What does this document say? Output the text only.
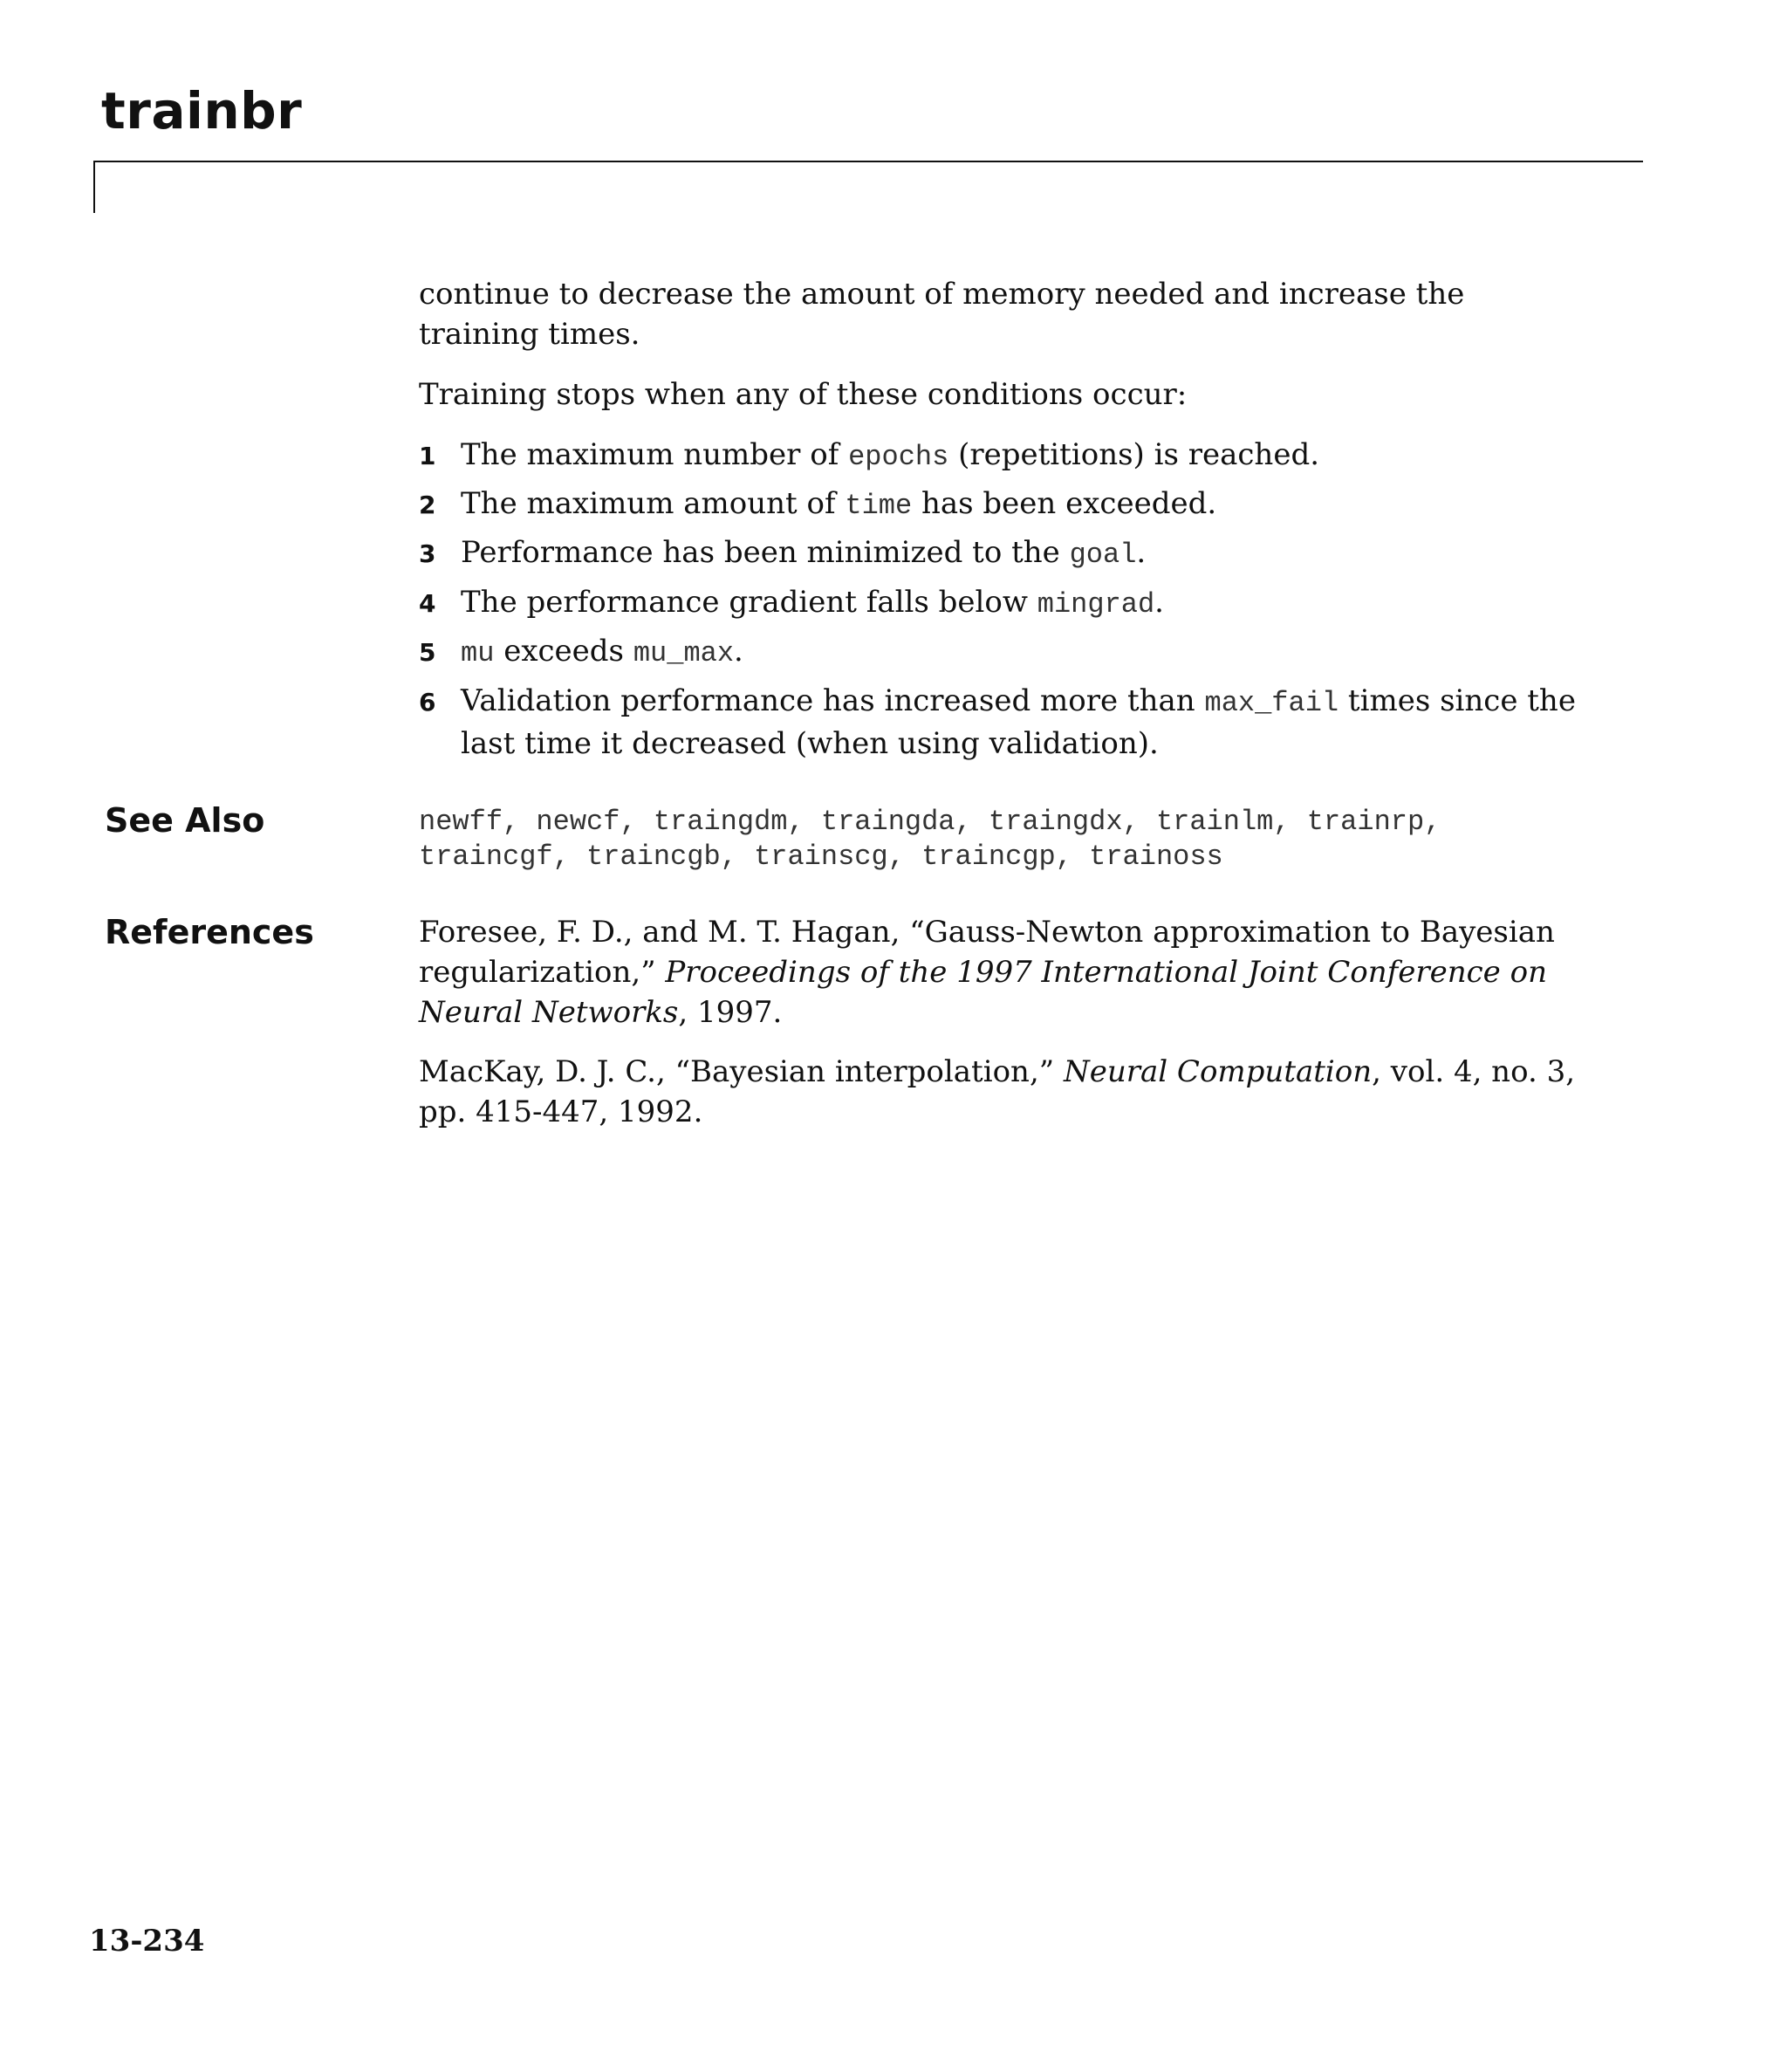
trainbr

continue to decrease the amount of memory needed and increase the training times.

Training stops when any of these conditions occur:

1 The maximum number of epochs (repetitions) is reached.
2 The maximum amount of time has been exceeded.
3 Performance has been minimized to the goal.
4 The performance gradient falls below mingrad.
5 mu exceeds mu_max.
6 Validation performance has increased more than max_fail times since the last time it decreased (when using validation).
See Also	newff, newcf, traingdm, traingda, traingdx, trainlm, trainrp,
traincgf, traincgb, trainscg, traincgp, trainoss
References	Foresee, F. D., and M. T. Hagan, “Gauss-Newton approximation to Bayesian regularization,” Proceedings of the 1997 International Joint Conference on Neural Networks, 1997.
MacKay, D. J. C., “Bayesian interpolation,” Neural Computation, vol. 4, no. 3, pp. 415-447, 1992.
13-234
